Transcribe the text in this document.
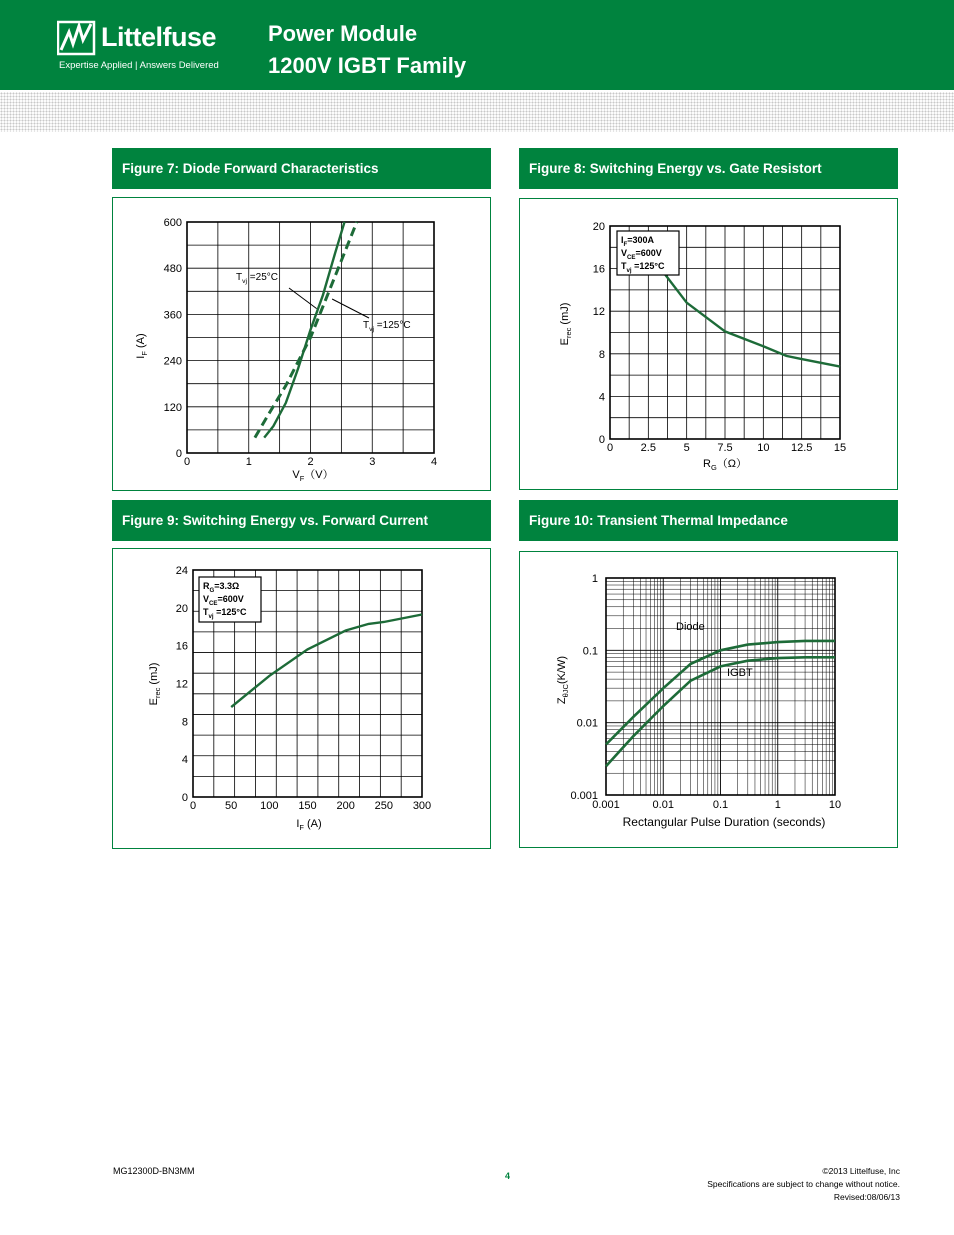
Littelfuse
Expertise Applied | Answers Delivered
Power Module
1200V IGBT Family
Figure 7: Diode Forward Characteristics	Figure 8: Switching Energy vs. Gate Resistort
Figure 9: Switching Energy vs. Forward Current	Figure 10: Transient Thermal Impedance
0	1	2	3	4
0
120
240
360
480
600
$V_F(V)$
$I_F$ (A)
$T_{vj} =25^\circ C$
$T_{vj} =125^\circ C$
0	2.5	5	7.5 10 12.5 15
0
4
8
12
16
20
$R_G(\Omega)$
$E_{rec}$ (mJ)
$I_F=300A$
$V_{CE}=600V$
$T_{vj} =125^\circ C$
0	50 100 150 200 250 300
0
4
8
12
16
20
24
$I_F$ (A)
$E_{rec}$ (mJ)
$R_G=3.3\Omega$
$V_{CE}=600V$
$T_{vj} =125^\circ C$
0.001	0.01	0.1	1	10
0.001
0.01
0.1
1
Diode
IGBT
Rectangular Pulse Duration (seconds)
$Z_{\theta JC}(K/W)$
MG12300D-BN3MM	4	©2013 Littelfuse, Inc
Specifications are subject to change without notice.
Revised:08/06/13
